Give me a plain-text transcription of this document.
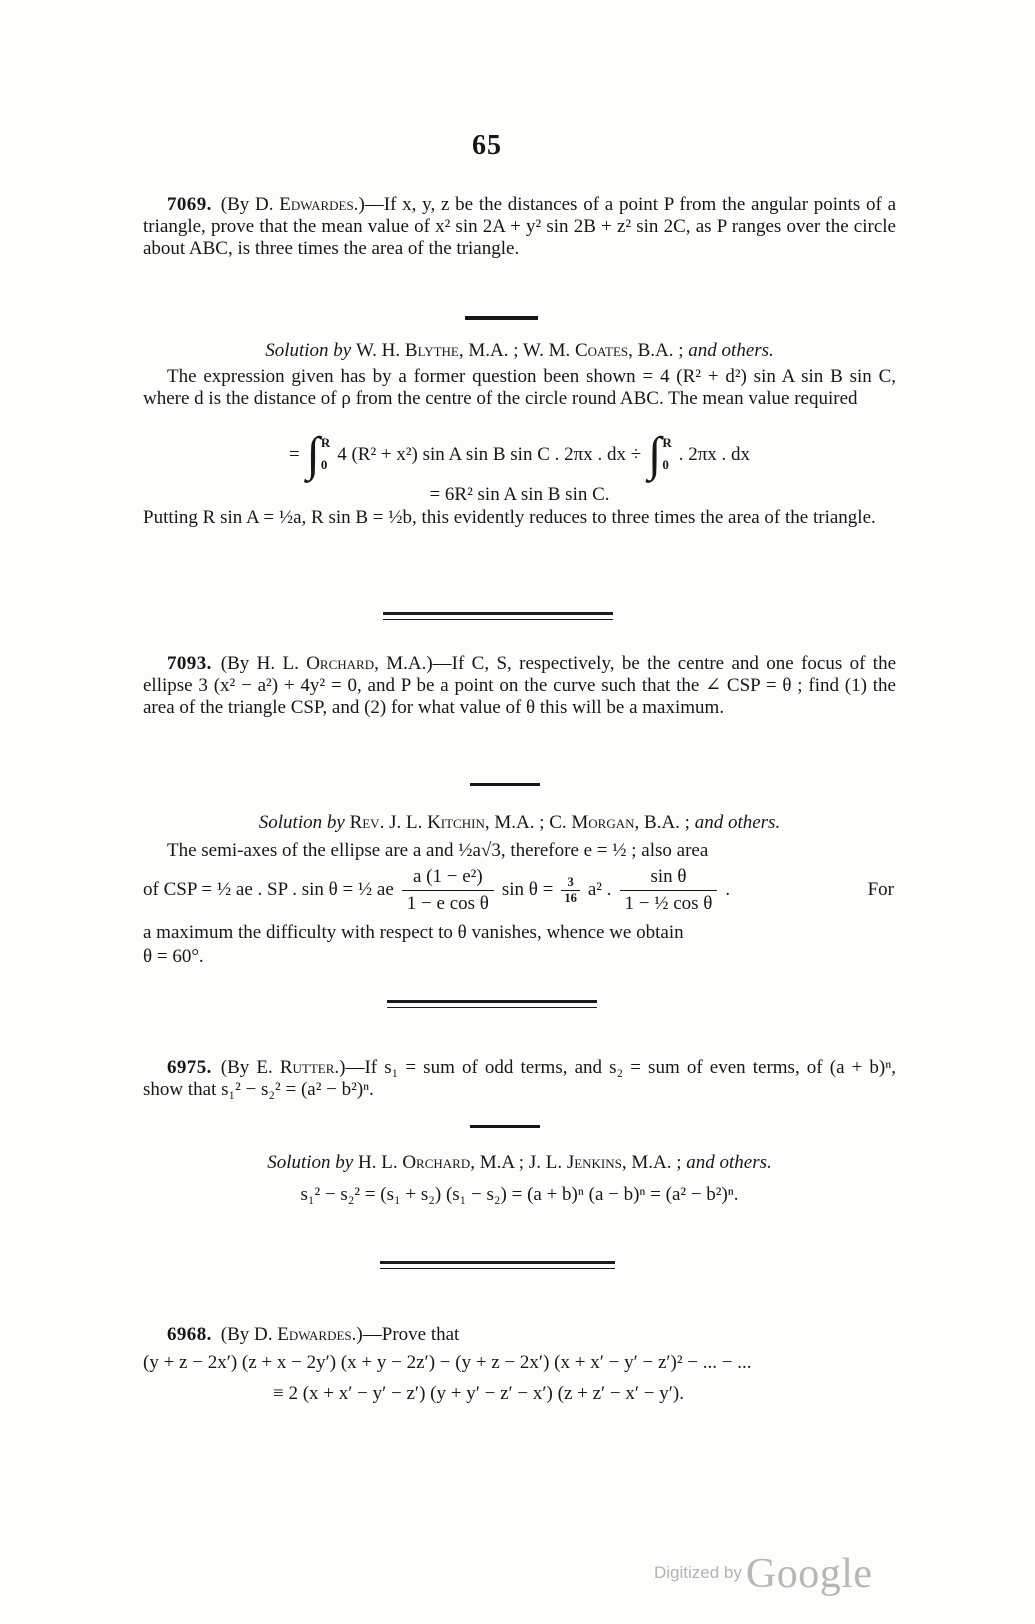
65

7069. (By D. Edwardes.)—If x, y, z be the distances of a point P from the angular points of a triangle, prove that the mean value of x² sin 2A + y² sin 2B + z² sin 2C, as P ranges over the circle about ABC, is three times the area of the triangle.

Solution by W. H. Blythe, M.A. ; W. M. Coates, B.A. ; and others.

The expression given has by a former question been shown = 4 (R² + d²) sin A sin B sin C, where d is the distance of ρ from the centre of the circle round ABC. The mean value required

= ∫ R
0 4 (R² + x²) sin A sin B sin C . 2πx . dx ÷ ∫ R
0 . 2πx . dx

= 6R² sin A sin B sin C.

Putting R sin A = ½a, R sin B = ½b, this evidently reduces to three times the area of the triangle.

7093. (By H. L. Orchard, M.A.)—If C, S, respectively, be the centre and one focus of the ellipse 3 (x² − a²) + 4y² = 0, and P be a point on the curve such that the ∠ CSP = θ ; find (1) the area of the triangle CSP, and (2) for what value of θ this will be a maximum.

Solution by Rev. J. L. Kitchin, M.A. ; C. Morgan, B.A. ; and others.

The semi-axes of the ellipse are a and ½a√3, therefore e = ½ ; also area

of CSP = ½ ae . SP . sin θ = ½ ae $\frac{\text{a (1 − e²)}}{\text{1 − e cos θ}}$ $\sin \theta = \frac{3}{16} a^2$ . $\frac{\text{sin θ}}{\text{1 − ½ cos θ}}$ .	For

a maximum the difficulty with respect to θ vanishes, whence we obtain

θ = 60°.

6975. (By E. Rutter.)—If s₁ = sum of odd terms, and s₂ = sum of even terms, of (a + b)ⁿ, show that s₁² − s₂² = (a² − b²)ⁿ.

Solution by H. L. Orchard, M.A ; J. L. Jenkins, M.A. ; and others.

s₁² − s₂² = (s₁ + s₂) (s₁ − s₂) = (a + b)ⁿ (a − b)ⁿ = (a² − b²)ⁿ.

6968. (By D. Edwardes.)—Prove that

(y + z − 2x′) (z + x − 2y′) (x + y − 2z′) − (y + z − 2x′) (x + x′ − y′ − z′)² − ... − ...

≡ 2 (x + x′ − y′ − z′) (y + y′ − z′ − x′) (z + z′ − x′ − y′).

Digitized by Google
